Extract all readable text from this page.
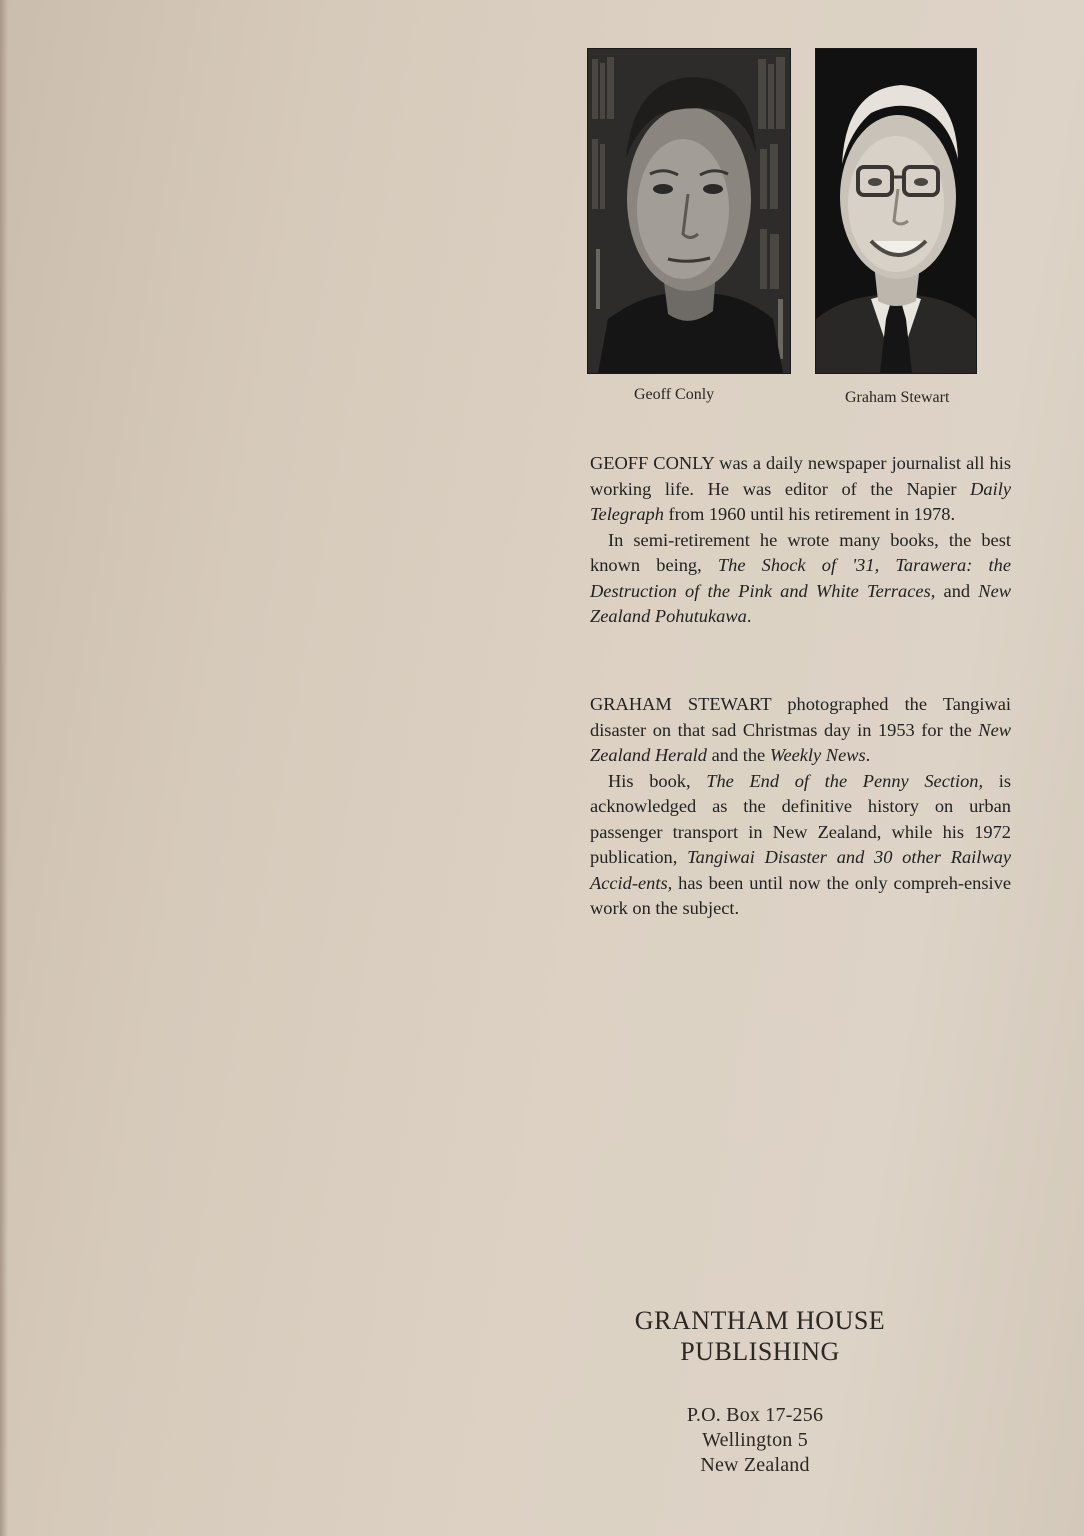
Geoff Conly	Graham Stewart

GEOFF CONLY was a daily newspaper journalist all his working life. He was editor of the Napier Daily Telegraph from 1960 until his retirement in 1978.

In semi-retirement he wrote many books, the best known being, The Shock of '31, Tarawera: the Destruction of the Pink and White Terraces, and New Zealand Pohutukawa.

GRAHAM STEWART photographed the Tangiwai disaster on that sad Christmas day in 1953 for the New Zealand Herald and the Weekly News.

His book, The End of the Penny Section, is acknowledged as the definitive history on urban passenger transport in New Zealand, while his 1972 publication, Tangiwai Disaster and 30 other Railway Accid-ents, has been until now the only compreh-ensive work on the subject.

GRANTHAM HOUSE
PUBLISHING
P.O. Box 17-256
Wellington 5
New Zealand
